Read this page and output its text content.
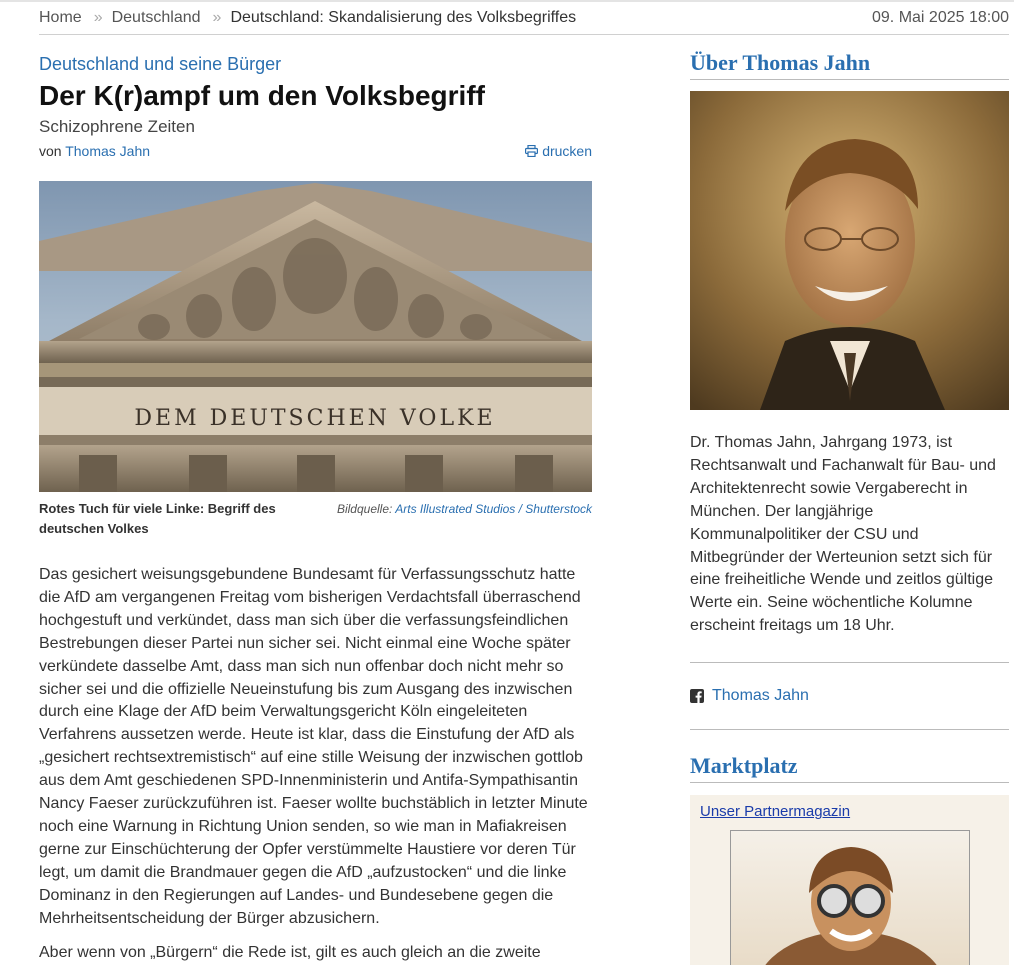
Home » Deutschland » Deutschland: Skandalisierung des Volksbegriffes	09. Mai 2025 18:00
Deutschland und seine Bürger
Der K(r)ampf um den Volksbegriff
Schizophrene Zeiten
von Thomas Jahn	drucken
DEM DEUTSCHEN VOLKE
Rotes Tuch für viele Linke: Begriff des deutschen Volkes
Bildquelle: Arts Illustrated Studios / Shutterstock

Das gesichert weisungsgebundene Bundesamt für Verfassungsschutz hatte die AfD am vergangenen Freitag vom bisherigen Verdachtsfall überraschend hochgestuft und verkündet, dass man sich über die verfassungsfeindlichen Bestrebungen dieser Partei nun sicher sei. Nicht einmal eine Woche später verkündete dasselbe Amt, dass man sich nun offenbar doch nicht mehr so sicher sei und die offizielle Neueinstufung bis zum Ausgang des inzwischen durch eine Klage der AfD beim Verwaltungsgericht Köln eingeleiteten Verfahrens aussetzen werde. Heute ist klar, dass die Einstufung der AfD als „gesichert rechtsextremistisch“ auf eine stille Weisung der inzwischen gottlob aus dem Amt geschiedenen SPD-Innenministerin und Antifa-Sympathisantin Nancy Faeser zurückzuführen ist. Faeser wollte buchstäblich in letzter Minute noch eine Warnung in Richtung Union senden, so wie man in Mafiakreisen gerne zur Einschüchterung der Opfer verstümmelte Haustiere vor deren Tür legt, um damit die Brandmauer gegen die AfD „aufzustocken“ und die linke Dominanz in den Regierungen auf Landes- und Bundesebene gegen die Mehrheitsentscheidung der Bürger abzusichern.

Aber wenn von „Bürgern“ die Rede ist, gilt es auch gleich an die zweite

Über Thomas Jahn
Dr. Thomas Jahn, Jahrgang 1973, ist Rechtsanwalt und Fachanwalt für Bau- und Architektenrecht sowie Vergaberecht in München. Der langjährige Kommunalpolitiker der CSU und Mitbegründer der Werteunion setzt sich für eine freiheitliche Wende und zeitlos gültige Werte ein. Seine wöchentliche Kolumne erscheint freitags um 18 Uhr.
Thomas Jahn
Marktplatz
Unser Partnermagazin
